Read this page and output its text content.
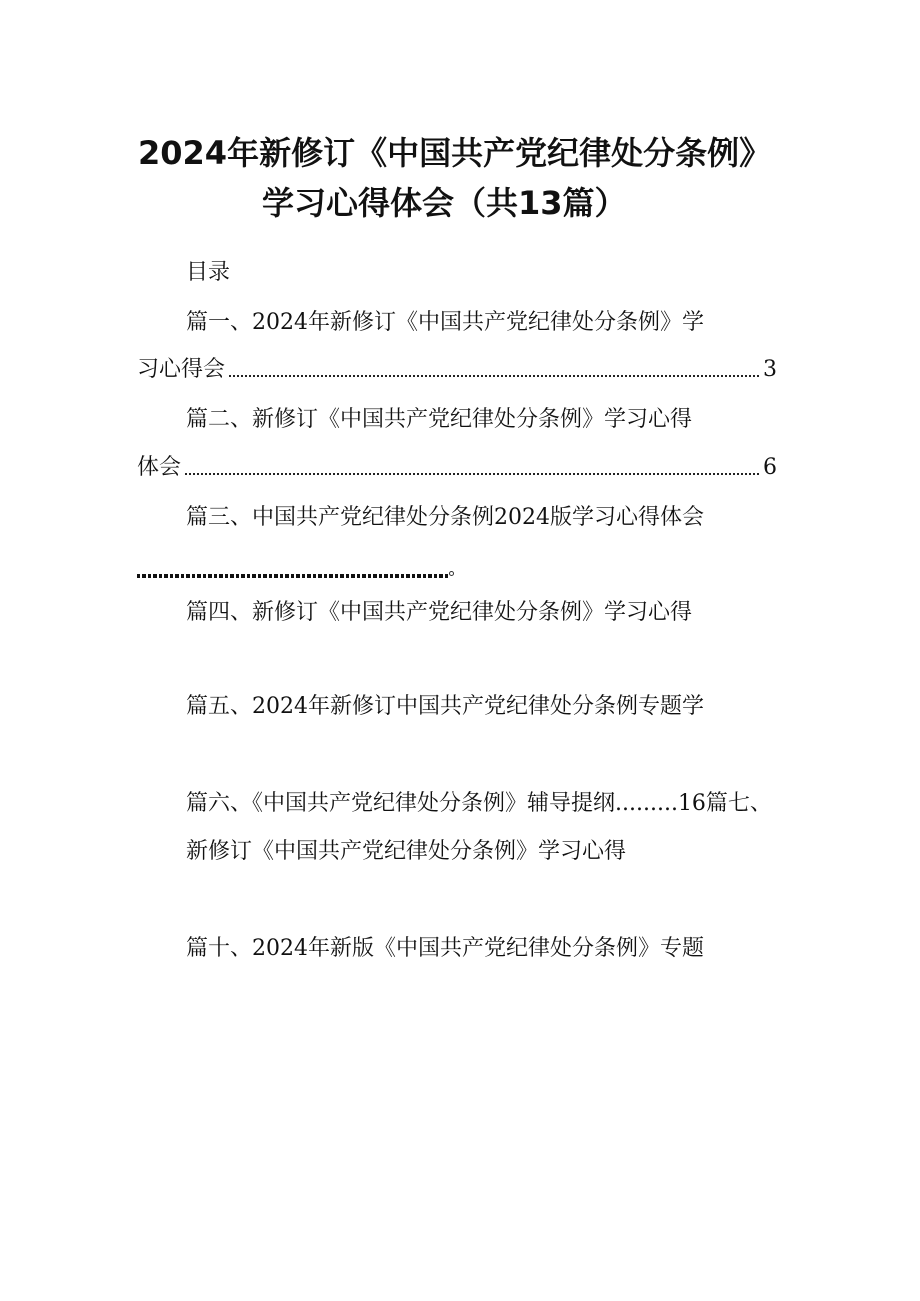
2024年新修订《中国共产党纪律处分条例》
学习心得体会（共13篇）
目录
篇一、2024年新修订《中国共产党纪律处分条例》学
习心得会	3
篇二、新修订《中国共产党纪律处分条例》学习心得
体会	6
篇三、中国共产党纪律处分条例2024版学习心得体会
篇四、新修订《中国共产党纪律处分条例》学习心得
篇五、2024年新修订中国共产党纪律处分条例专题学
篇六、《中国共产党纪律处分条例》辅导提纲.........16篇七、
新修订《中国共产党纪律处分条例》学习心得
篇十、2024年新版《中国共产党纪律处分条例》专题
